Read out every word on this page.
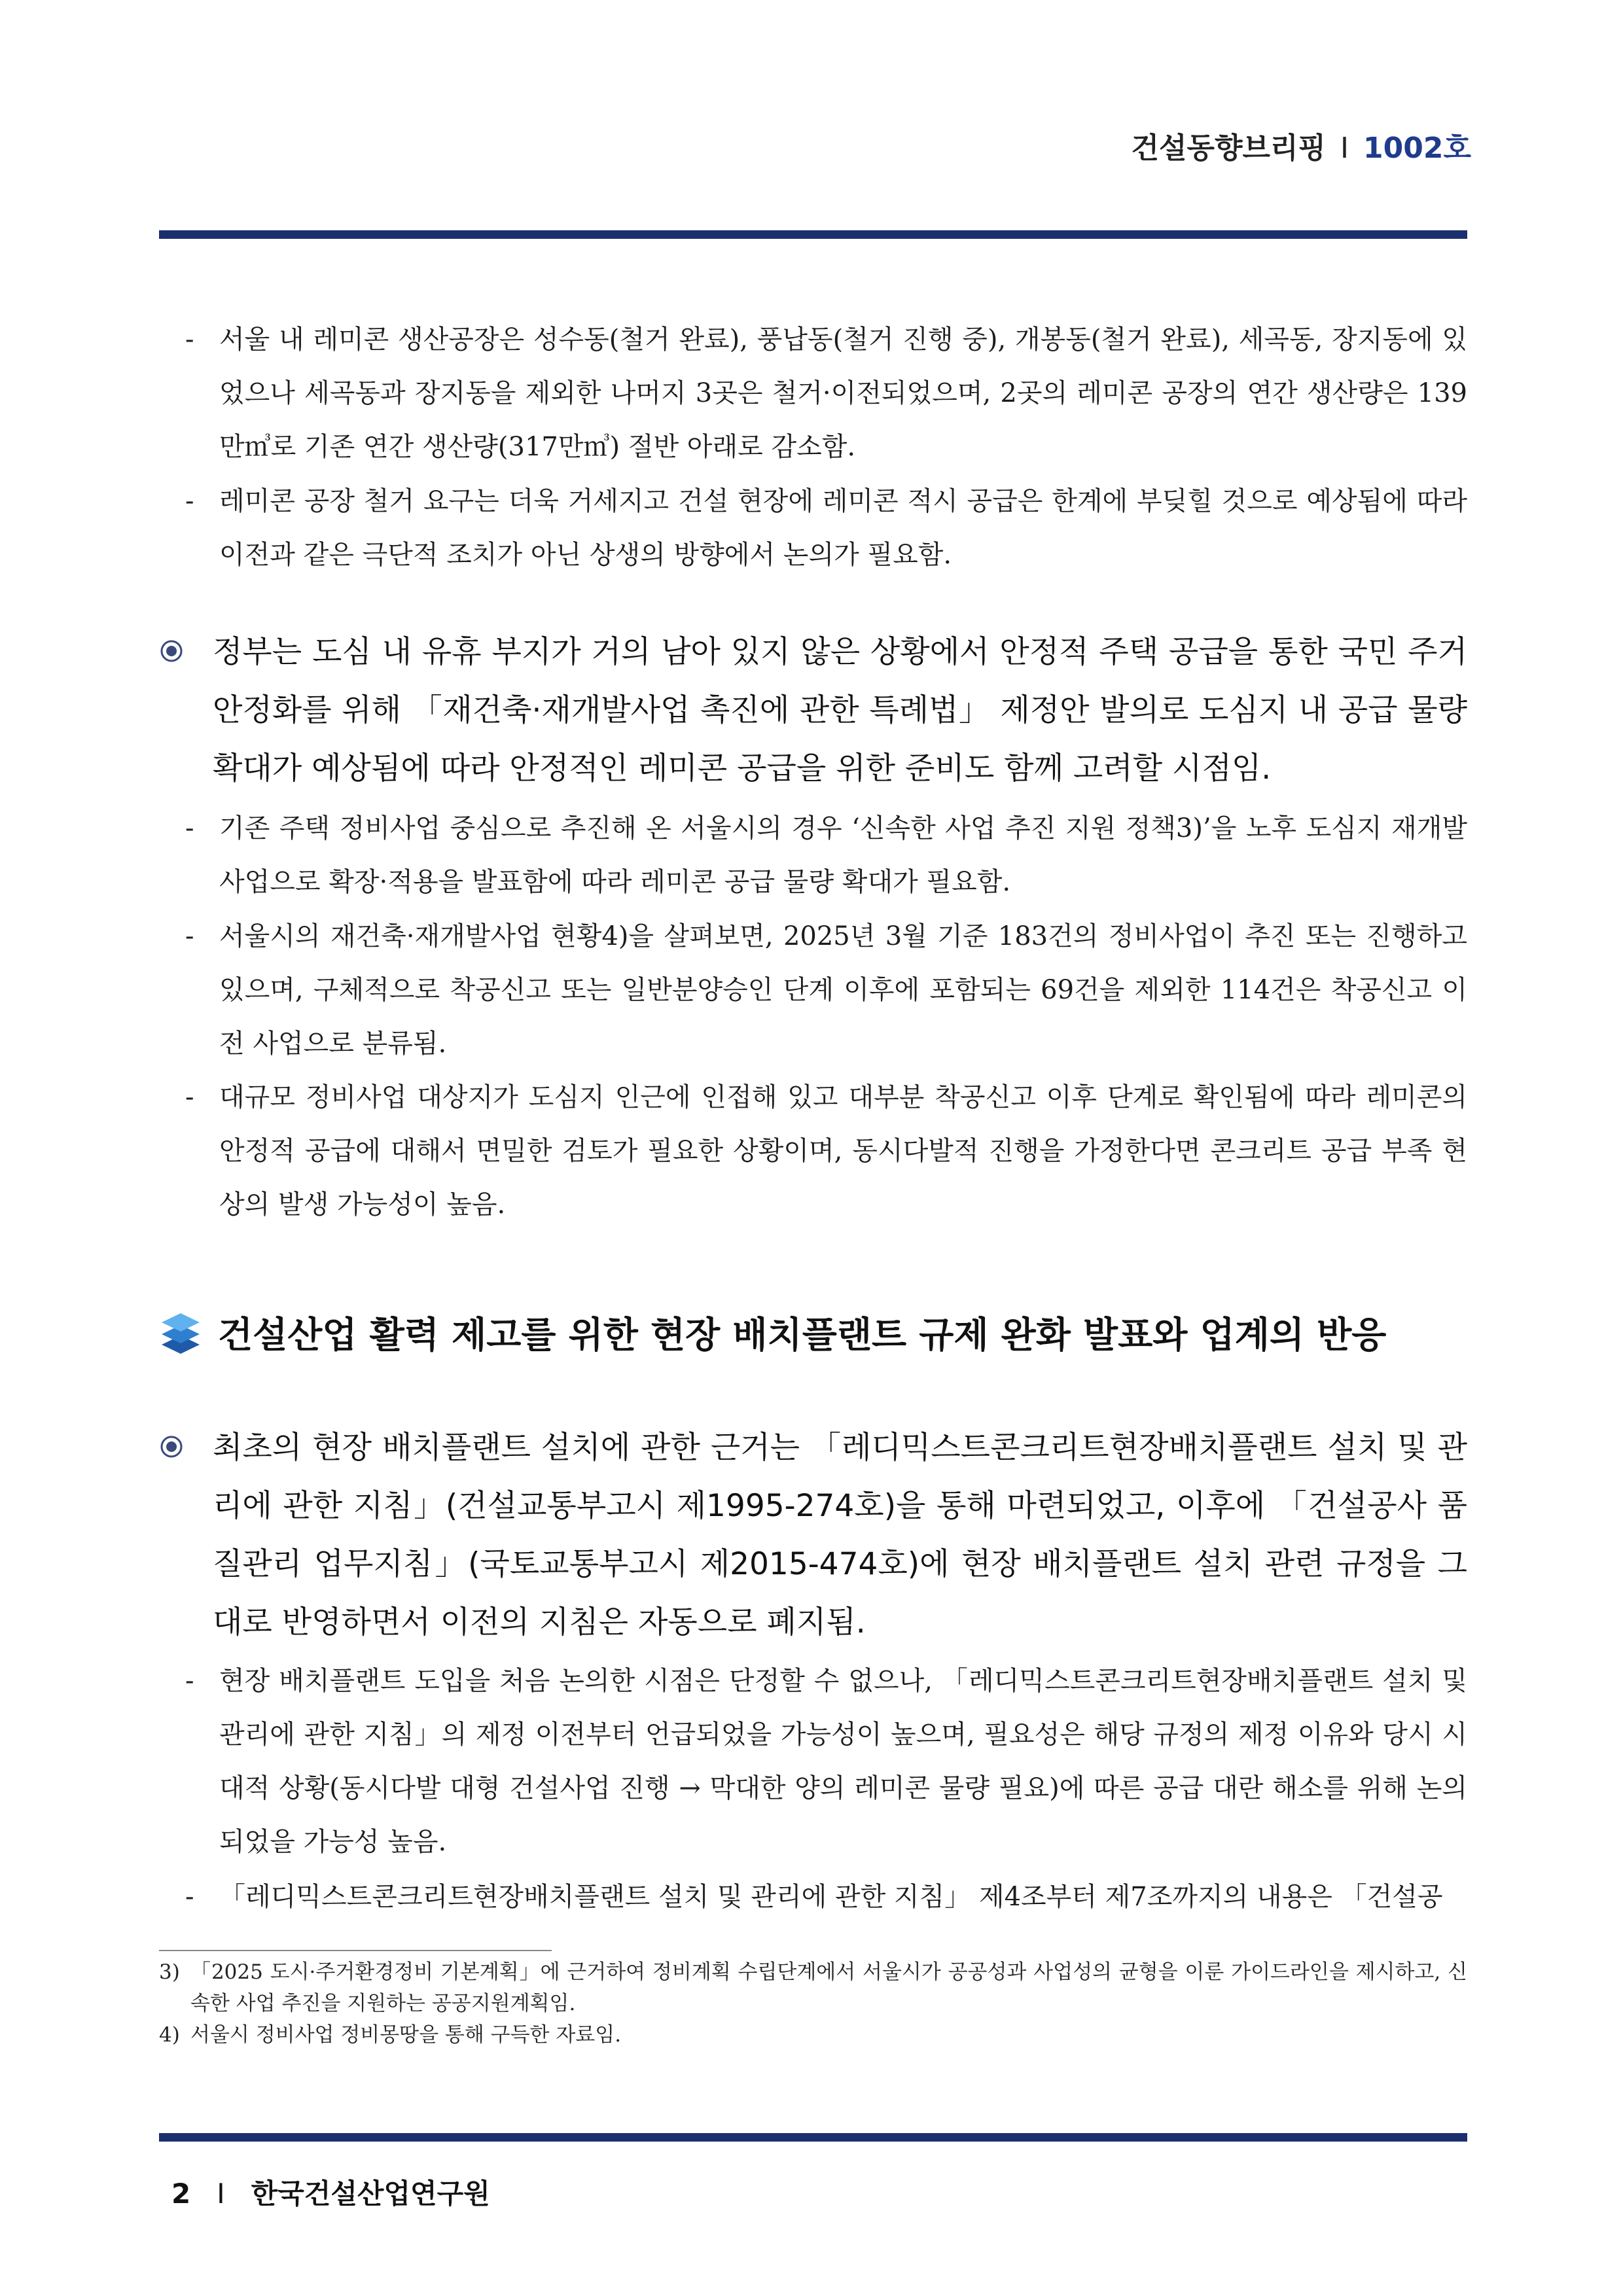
건설동향브리핑 I 1002호
- 서울 내 레미콘 생산공장은 성수동(철거 완료), 풍납동(철거 진행 중), 개봉동(철거 완료), 세곡동, 장지동에 있었으나 세곡동과 장지동을 제외한 나머지 3곳은 철거·이전되었으며, 2곳의 레미콘 공장의 연간 생산량은 139만㎥로 기존 연간 생산량(317만㎥) 절반 아래로 감소함.
- 레미콘 공장 철거 요구는 더욱 거세지고 건설 현장에 레미콘 적시 공급은 한계에 부딪힐 것으로 예상됨에 따라 이전과 같은 극단적 조치가 아닌 상생의 방향에서 논의가 필요함.
정부는 도심 내 유휴 부지가 거의 남아 있지 않은 상황에서 안정적 주택 공급을 통한 국민 주거 안정화를 위해 「재건축·재개발사업 촉진에 관한 특례법」 제정안 발의로 도심지 내 공급 물량 확대가 예상됨에 따라 안정적인 레미콘 공급을 위한 준비도 함께 고려할 시점임.
- 기존 주택 정비사업 중심으로 추진해 온 서울시의 경우 ‘신속한 사업 추진 지원 정책3)’을 노후 도심지 재개발사업으로 확장·적용을 발표함에 따라 레미콘 공급 물량 확대가 필요함.
- 서울시의 재건축·재개발사업 현황4)을 살펴보면, 2025년 3월 기준 183건의 정비사업이 추진 또는 진행하고 있으며, 구체적으로 착공신고 또는 일반분양승인 단계 이후에 포함되는 69건을 제외한 114건은 착공신고 이전 사업으로 분류됨.
- 대규모 정비사업 대상지가 도심지 인근에 인접해 있고 대부분 착공신고 이후 단계로 확인됨에 따라 레미콘의 안정적 공급에 대해서 면밀한 검토가 필요한 상황이며, 동시다발적 진행을 가정한다면 콘크리트 공급 부족 현상의 발생 가능성이 높음.
건설산업 활력 제고를 위한 현장 배치플랜트 규제 완화 발표와 업계의 반응
최초의 현장 배치플랜트 설치에 관한 근거는 「레디믹스트콘크리트현장배치플랜트 설치 및 관리에 관한 지침」(건설교통부고시 제1995-274호)을 통해 마련되었고, 이후에 「건설공사 품질관리 업무지침」(국토교통부고시 제2015-474호)에 현장 배치플랜트 설치 관련 규정을 그대로 반영하면서 이전의 지침은 자동으로 폐지됨.
- 현장 배치플랜트 도입을 처음 논의한 시점은 단정할 수 없으나, 「레디믹스트콘크리트현장배치플랜트 설치 및 관리에 관한 지침」의 제정 이전부터 언급되었을 가능성이 높으며, 필요성은 해당 규정의 제정 이유와 당시 시대적 상황(동시다발 대형 건설사업 진행 → 막대한 양의 레미콘 물량 필요)에 따른 공급 대란 해소를 위해 논의되었을 가능성 높음.
- 「레디믹스트콘크리트현장배치플랜트 설치 및 관리에 관한 지침」 제4조부터 제7조까지의 내용은 「건설공
3) 「2025 도시·주거환경정비 기본계획」에 근거하여 정비계획 수립단계에서 서울시가 공공성과 사업성의 균형을 이룬 가이드라인을 제시하고, 신속한 사업 추진을 지원하는 공공지원계획임.
4) 서울시 정비사업 정비몽땅을 통해 구득한 자료임.
2 I 한국건설산업연구원
